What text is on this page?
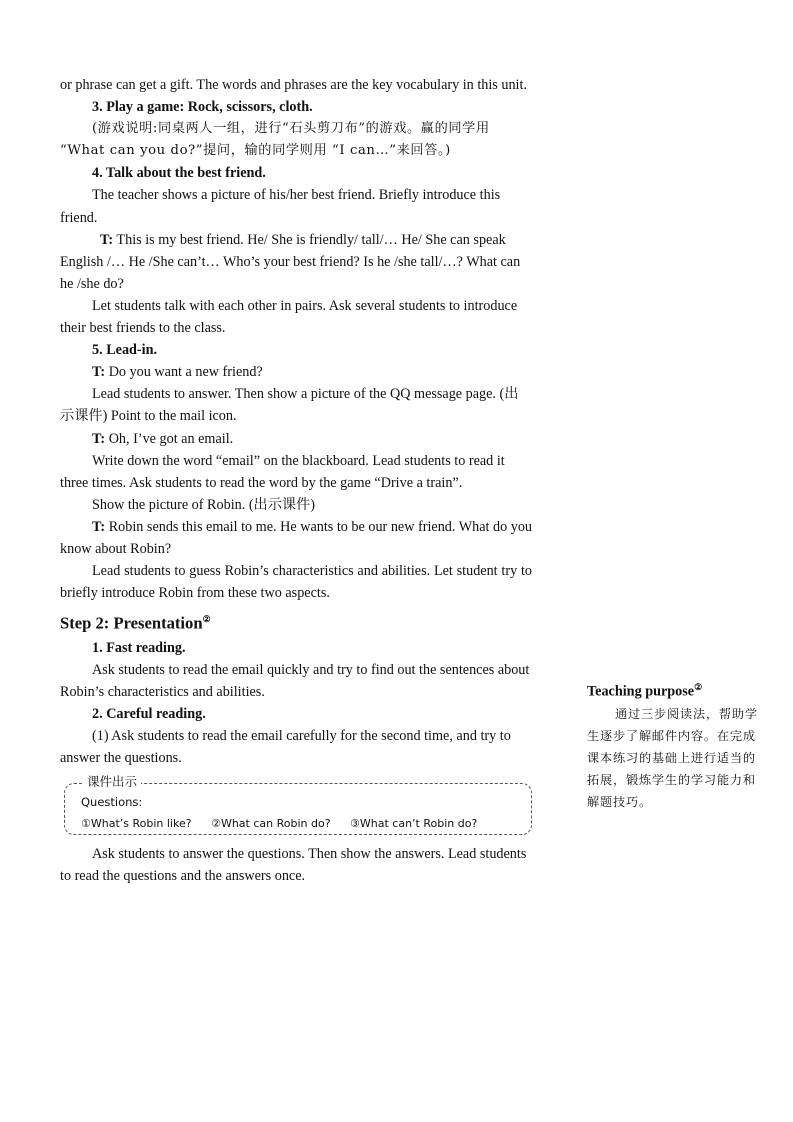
or phrase can get a gift. The words and phrases are the key vocabulary in this unit.

3. Play a game: Rock, scissors, cloth.

(游戏说明:同桌两人一组，进行“石头剪刀布”的游戏。赢的同学用 “What can you do?”提问，输的同学则用 “I can…”来回答。)

4. Talk about the best friend.

The teacher shows a picture of his/her best friend. Briefly introduce this friend.

T: This is my best friend. He/ She is friendly/ tall/… He/ She can speak English /… He /She can’t… Who’s your best friend? Is he /she tall/…? What can he /she do?

Let students talk with each other in pairs. Ask several students to introduce their best friends to the class.

5. Lead-in.

T: Do you want a new friend?

Lead students to answer. Then show a picture of the QQ message page. (出示课件) Point to the mail icon.

T: Oh, I’ve got an email.

Write down the word “email” on the blackboard. Lead students to read it three times. Ask students to read the word by the game “Drive a train”.

Show the picture of Robin. (出示课件)

T: Robin sends this email to me. He wants to be our new friend. What do you know about Robin?

Lead students to guess Robin’s characteristics and abilities. Let student try to briefly introduce Robin from these two aspects.

Step 2: Presentation②

1. Fast reading.

Ask students to read the email quickly and try to find out the sentences about Robin’s characteristics and abilities.

2. Careful reading.

(1) Ask students to read the email carefully for the second time, and try to answer the questions.

课件出示
Questions:
①What’s Robin like? ②What can Robin do? ③What can’t Robin do?

Ask students to answer the questions. Then show the answers. Lead students to read the questions and the answers once.

Teaching purpose②

通过三步阅读法，帮助学生逐步了解邮件内容。在完成课本练习的基础上进行适当的拓展，锻炼学生的学习能力和解题技巧。
